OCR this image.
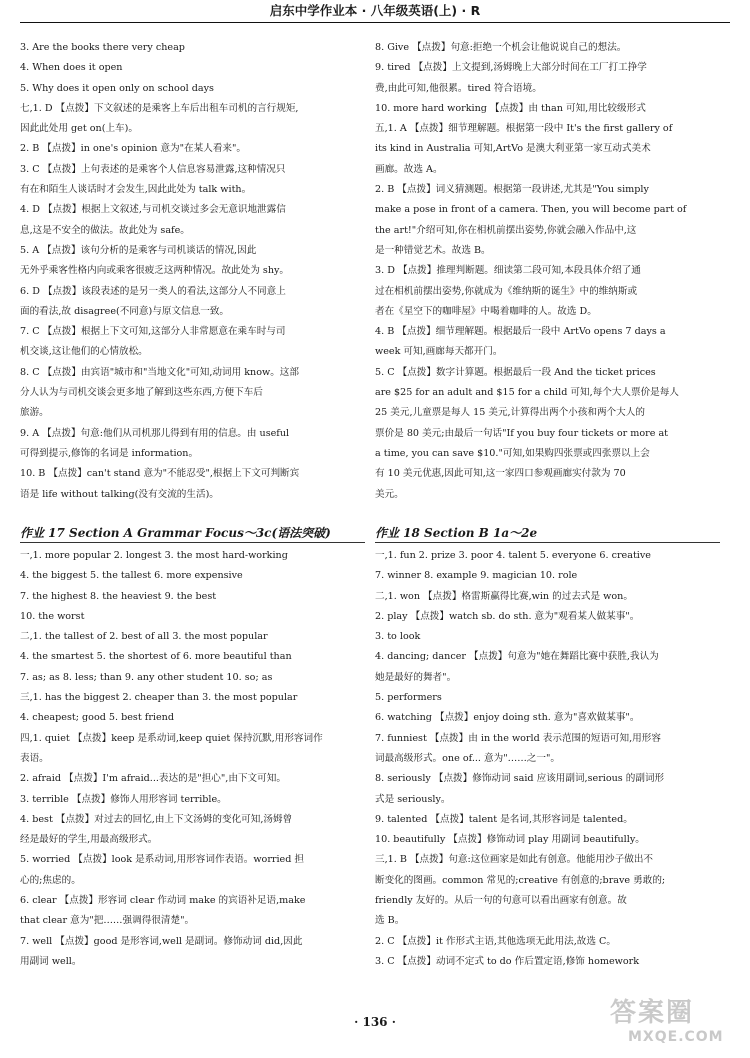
启东中学作业本 · 八年级英语(上) · R
3. Are the books there very cheap
4. When does it open
5. Why does it open only on school days
七,1. D 【点拨】下文叙述的是乘客上车后出租车司机的言行规矩,
因此此处用 get on(上车)。
2. B 【点拨】in one's opinion 意为"在某人看来"。
3. C 【点拨】上句表述的是乘客个人信息容易泄露,这种情况只
有在和陌生人谈话时才会发生,因此此处为 talk with。
4. D 【点拨】根据上文叙述,与司机交谈过多会无意识地泄露信
息,这是不安全的做法。故此处为 safe。
5. A 【点拨】该句分析的是乘客与司机谈话的情况,因此
无外乎乘客性格内向或乘客很疲乏这两种情况。故此处为 shy。
6. D 【点拨】该段表述的是另一类人的看法,这部分人不同意上
面的看法,故 disagree(不同意)与原文信息一致。
7. C 【点拨】根据上下文可知,这部分人非常愿意在乘车时与司
机交谈,这让他们的心情放松。
8. C 【点拨】由宾语"城市和"当地文化"可知,动词用 know。这部
分人认为与司机交谈会更多地了解到这些东西,方便下车后
旅游。
9. A 【点拨】句意:他们从司机那儿得到有用的信息。由 useful
可得到提示,修饰的名词是 information。
10. B 【点拨】can't stand 意为"不能忍受",根据上下文可判断宾
语是 life without talking(没有交流的生活)。
8. Give 【点拨】句意:拒绝一个机会让他说说自己的想法。
9. tired 【点拨】上文提到,汤姆晚上大部分时间在工厂打工挣学
费,由此可知,他很累。tired 符合语境。
10. more hard working 【点拨】由 than 可知,用比较级形式
五,1. A 【点拨】细节理解题。根据第一段中 It's the first gallery of
its kind in Australia 可知,ArtVo 是澳大利亚第一家互动式美术
画廊。故选 A。
2. B 【点拨】词义猜测题。根据第一段讲述,尤其是"You simply
make a pose in front of a camera. Then, you will become part of
the art!"介绍可知,你在相机前摆出姿势,你就会融入作品中,这
是一种错觉艺术。故选 B。
3. D 【点拨】推理判断题。细读第二段可知,本段具体介绍了通
过在相机前摆出姿势,你就成为《维纳斯的诞生》中的维纳斯或
者在《星空下的咖啡屋》中喝着咖啡的人。故选 D。
4. B 【点拨】细节理解题。根据最后一段中 ArtVo opens 7 days a
week 可知,画廊每天都开门。
5. C 【点拨】数字计算题。根据最后一段 And the ticket prices
are $25 for an adult and $15 for a child 可知,每个大人票价是每人
25 美元,儿童票是每人 15 美元,计算得出两个小孩和两个大人的
票价是 80 美元;由最后一句话"If you buy four tickets or more at
a time, you can save $10."可知,如果购四张票或四张票以上会
有 10 美元优惠,因此可知,这一家四口参观画廊实付款为 70
美元。
作业 17 Section A Grammar Focus～3c(语法突破)	作业 18 Section B 1a～2e
一,1. more popular 2. longest 3. the most hard-working
4. the biggest 5. the tallest 6. more expensive
7. the highest 8. the heaviest 9. the best
10. the worst
二,1. the tallest of 2. best of all 3. the most popular
4. the smartest 5. the shortest of 6. more beautiful than
7. as; as 8. less; than 9. any other student 10. so; as
三,1. has the biggest 2. cheaper than 3. the most popular
4. cheapest; good 5. best friend
四,1. quiet 【点拨】keep 是系动词,keep quiet 保持沉默,用形容词作
表语。
2. afraid 【点拨】I'm afraid...表达的是"担心",由下文可知。
3. terrible 【点拨】修饰人用形容词 terrible。
4. best 【点拨】对过去的回忆,由上下文汤姆的变化可知,汤姆曾
经是最好的学生,用最高级形式。
5. worried 【点拨】look 是系动词,用形容词作表语。worried 担
心的;焦虑的。
6. clear 【点拨】形容词 clear 作动词 make 的宾语补足语,make
that clear 意为"把……强调得很清楚"。
7. well 【点拨】good 是形容词,well 是副词。修饰动词 did,因此
用副词 well。
一,1. fun 2. prize 3. poor 4. talent 5. everyone 6. creative
7. winner 8. example 9. magician 10. role
二,1. won 【点拨】格雷斯赢得比赛,win 的过去式是 won。
2. play 【点拨】watch sb. do sth. 意为"观看某人做某事"。
3. to look
4. dancing; dancer 【点拨】句意为"她在舞蹈比赛中获胜,我认为
她是最好的舞者"。
5. performers
6. watching 【点拨】enjoy doing sth. 意为"喜欢做某事"。
7. funniest 【点拨】由 in the world 表示范围的短语可知,用形容
词最高级形式。one of... 意为"……之一"。
8. seriously 【点拨】修饰动词 said 应该用副词,serious 的副词形
式是 seriously。
9. talented 【点拨】talent 是名词,其形容词是 talented。
10. beautifully 【点拨】修饰动词 play 用副词 beautifully。
三,1. B 【点拨】句意:这位画家是如此有创意。他能用沙子做出不
断变化的图画。common 常见的;creative 有创意的;brave 勇敢的;
friendly 友好的。从后一句的句意可以看出画家有创意。故
选 B。
2. C 【点拨】it 作形式主语,其他选项无此用法,故选 C。
3. C 【点拨】动词不定式 to do 作后置定语,修饰 homework
· 136 ·	答案圈
MXQE.COM
